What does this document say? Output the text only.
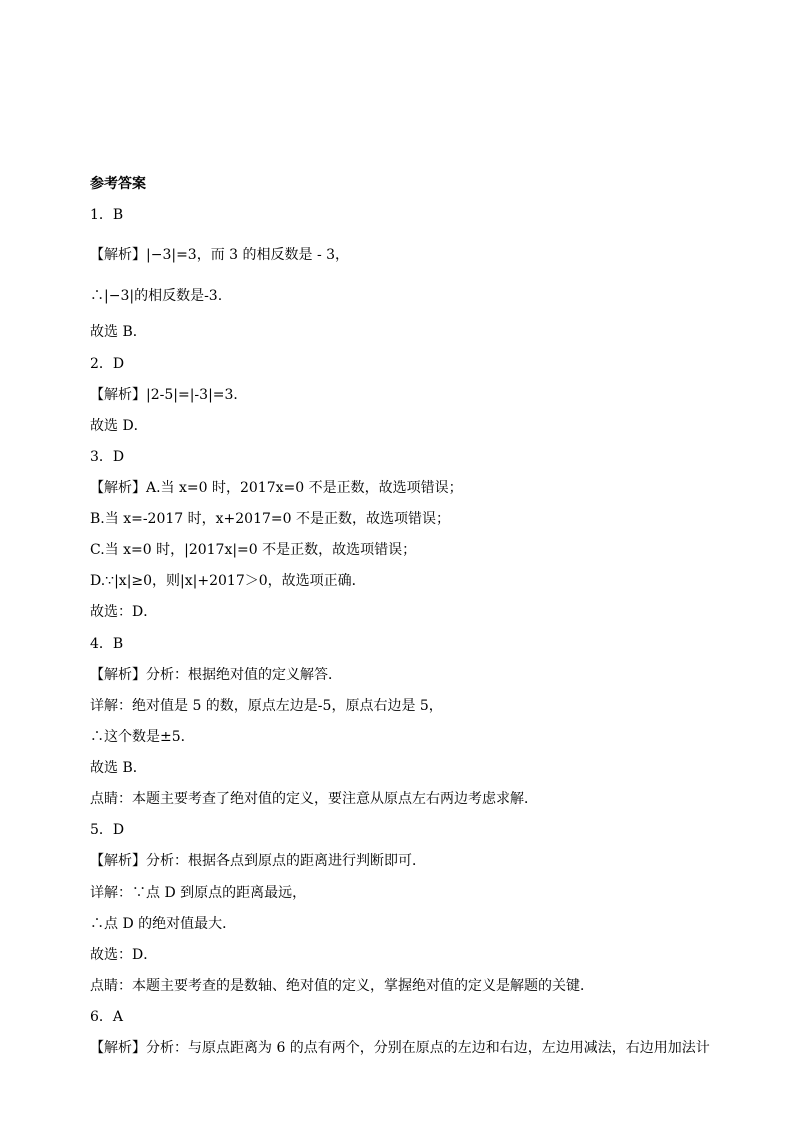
参考答案
1．B
【解析】|−3|=3，而 3 的相反数是 - 3，
∴|−3|的相反数是-3.
故选 B．
2．D
【解析】|2-5|=|-3|=3．
故选 D．
3．D
【解析】A.当 x=0 时，2017x=0 不是正数，故选项错误；
B.当 x=-2017 时，x+2017=0 不是正数，故选项错误；
C.当 x=0 时，|2017x|=0 不是正数，故选项错误；
D.∵|x|≥0，则|x|+2017＞0，故选项正确．
故选：D．
4．B
【解析】分析：根据绝对值的定义解答．
详解：绝对值是 5 的数，原点左边是-5，原点右边是 5，
∴这个数是±5．
故选 B．
点睛：本题主要考查了绝对值的定义，要注意从原点左右两边考虑求解．
5．D
【解析】分析：根据各点到原点的距离进行判断即可．
详解：∵点 D 到原点的距离最远，
∴点 D 的绝对值最大．
故选：D．
点睛：本题主要考查的是数轴、绝对值的定义，掌握绝对值的定义是解题的关键．
6．A
【解析】分析：与原点距离为 6 的点有两个，分别在原点的左边和右边，左边用减法，右边用加法计
